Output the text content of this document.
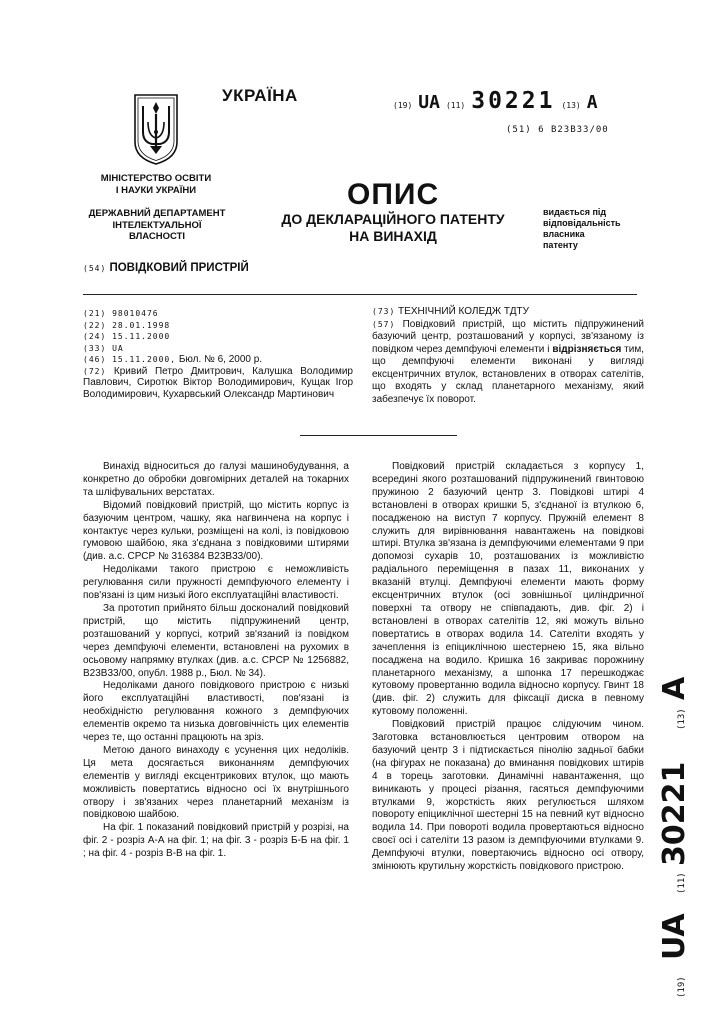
МІНІСТЕРСТВО ОСВІТИ
І НАУКИ УКРАЇНИ
ДЕРЖАВНИЙ ДЕПАРТАМЕНТ
ІНТЕЛЕКТУАЛЬНОЇ
ВЛАСНОСТІ
УКРАЇНА
(19) UA (11) 30221 (13) A
(51) 6 B23B33/00
ОПИС
ДО ДЕКЛАРАЦІЙНОГО ПАТЕНТУ
НА ВИНАХІД
видається під
відповідальність
власника
патенту
(54) ПОВІДКОВИЙ ПРИСТРІЙ
(21) 98010476
(22) 28.01.1998
(24) 15.11.2000
(33) UA
(46) 15.11.2000, Бюл. № 6, 2000 р.
(72) Кривий Петро Дмитрович, Калушка Володимир Павлович, Сиротюк Віктор Володимирович, Кущак Ігор Володимирович, Кухарвський Олександр Мартинович
(73) ТЕХНІЧНИЙ КОЛЕДЖ ТДТУ
(57) Повідковий пристрій, що містить підпружинений базуючий центр, розташований у корпусі, зв'язаному із повідком через демпфуючі елементи і відрізняється тим, що демпфуючі елементи виконані у вигляді ексцентричних втулок, встановлених в отворах сателітів, що входять у склад планетарного механізму, який забезпечує їх поворот.

Винахід відноситься до галузі машинобудування, а конкретно до обробки довгомірних деталей на токарних та шліфувальних верстатах.

Відомий повідковий пристрій, що містить корпус із базуючим центром, чашку, яка нагвинчена на корпус і контактує через кульки, розміщені на колі, із повідковою гумовою шайбою, яка з'єднана з повідковими штирями (див. а.с. СРСР № 316384 B23B33/00).

Недоліками такого пристрою є неможливість регулювання сили пружності демпфуючого елементу і пов'язані із цим низькі його експлуатаційні властивості.

За прототип прийнято більш досконалий повідковий пристрій, що містить підпружинений центр, розташований у корпусі, котрий зв'язаний із повідком через демпфуючі елементи, встановлені на рухомих в осьовому напрямку втулках (див. а.с. СРСР № 1256882, B23B33/00, опубл. 1988 р., Бюл. № 34).

Недоліками даного повідкового пристрою є низькі його експлуатаційні властивості, пов'язані із необхідністю регулювання кожного з демпфуючих елементів окремо та низька довговічність цих елементів через те, що останні працюють на зріз.

Метою даного винаходу є усунення цих недоліків. Ця мета досягається виконанням демпфуючих елементів у вигляді ексцентрикових втулок, що мають можливість повертатись відносно осі їх внутрішнього отвору і зв'язаних через планетарний механізм із повідковою шайбою.

На фіг. 1 показаний повідковий пристрій у розрізі, на фіг. 2 - розріз А-А на фіг. 1; на фіг. 3 - розріз Б-Б на фіг. 1 ; на фіг. 4 - розріз В-В на фіг. 1.

Повідковий пристрій складається з корпусу 1, всередині якого розташований підпружинений гвинтовою пружиною 2 базуючий центр 3. Повідкові штирі 4 встановлені в отворах кришки 5, з'єднаної із втулкою 6, посадженою на виступ 7 корпусу. Пружній елемент 8 служить для вирівнювання навантажень на повідкові штирі. Втулка зв'язана із демпфуючими елементами 9 при допомозі сухарів 10, розташованих із можливістю радіального переміщення в пазах 11, виконаних у вказаній втулці. Демпфуючі елементи мають форму ексцентричних втулок (осі зовнішньої циліндричної поверхні та отвору не співпадають, див. фіг. 2) і встановлені в отворах сателітів 12, які можуть вільно повертатись в отворах водила 14. Сателіти входять у зачеплення із епіциклічною шестернею 15, яка вільно посаджена на водило. Кришка 16 закриває порожнину планетарного механізму, а шпонка 17 перешкоджає кутовому провертанню водила відносно корпусу. Гвинт 18 (див. фіг. 2) служить для фіксації диска в певному кутовому положенні.

Повідковий пристрій працює слідуючим чином. Заготовка встановлюється центровим отвором на базуючий центр 3 і підтискається пінолію задньої бабки (на фігурах не показана) до вминання повідкових штирів 4 в торець заготовки. Динамічні навантаження, що виникають у процесі різання, гасяться демпфуючими втулками 9, жорсткість яких регулюється шляхом повороту епіциклічної шестерні 15 на певний кут відносно водила 14. При повороті водила провертаються відносно своєї осі і сателіти 13 разом із демпфуючими втулками 9. Демпфуючі втулки, повертаючись відносно осі отвору, змінюють крутильну жорсткість повідкового пристрою.

(19)
UA
(11)
30221
(13)
A
